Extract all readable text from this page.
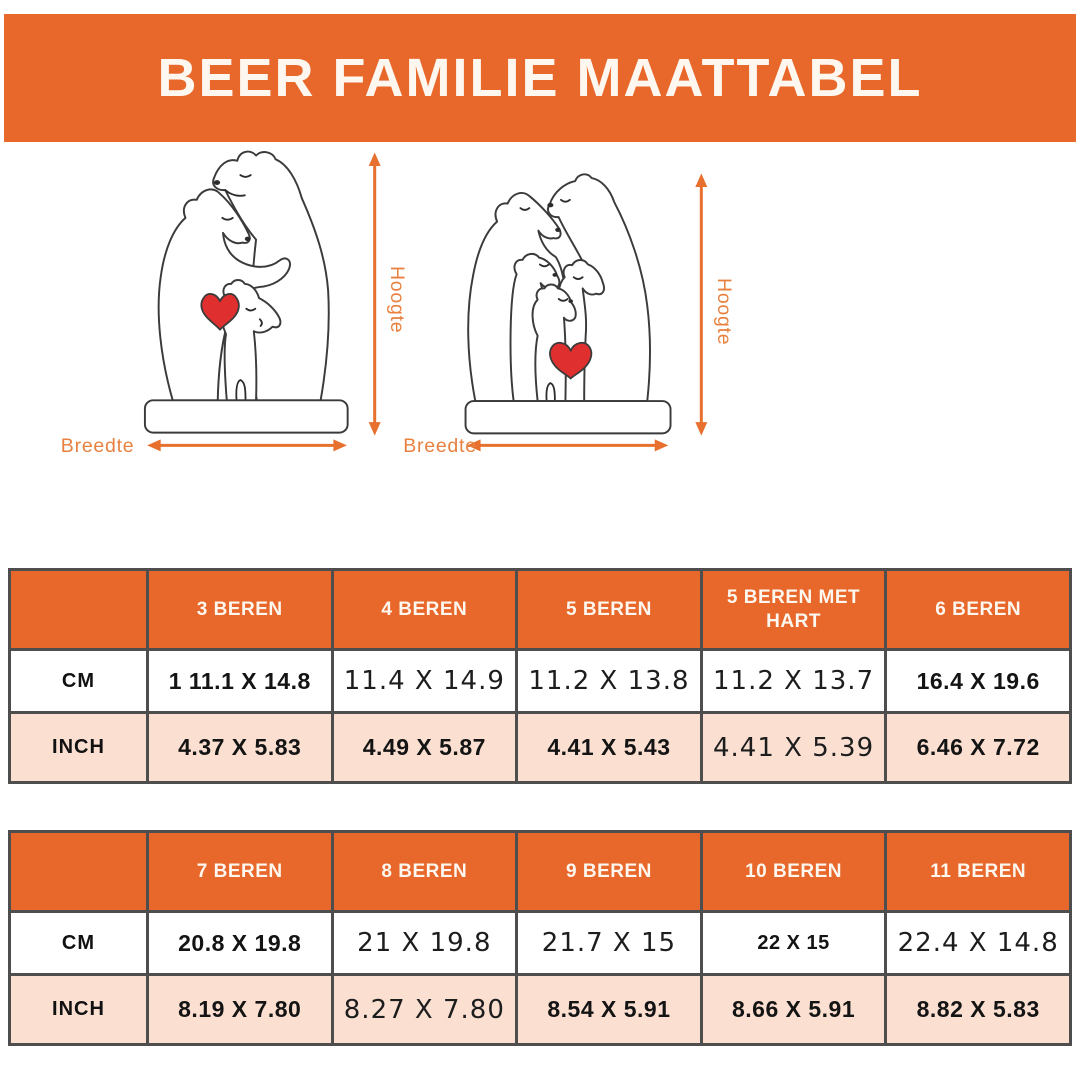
BEER FAMILIE MAATTABEL
Hoogte	Hoogte
Breedte	Breedte
	3 BEREN	4 BEREN	5 BEREN	5 BEREN MET HART	6 BEREN
CM	1 11.1 X 14.8	11.4 X 14.9	11.2 X 13.8	11.2 X 13.7	16.4 X 19.6
INCH	4.37 X 5.83	4.49 X 5.87	4.41 X 5.43	4.41 X 5.39	6.46 X 7.72
	7 BEREN	8 BEREN	9 BEREN	10 BEREN	11 BEREN
CM	20.8 X 19.8	21 X 19.8	21.7 X 15	22 X 15	22.4 X 14.8
INCH	8.19 X 7.80	8.27 X 7.80	8.54 X 5.91	8.66 X 5.91	8.82 X 5.83
